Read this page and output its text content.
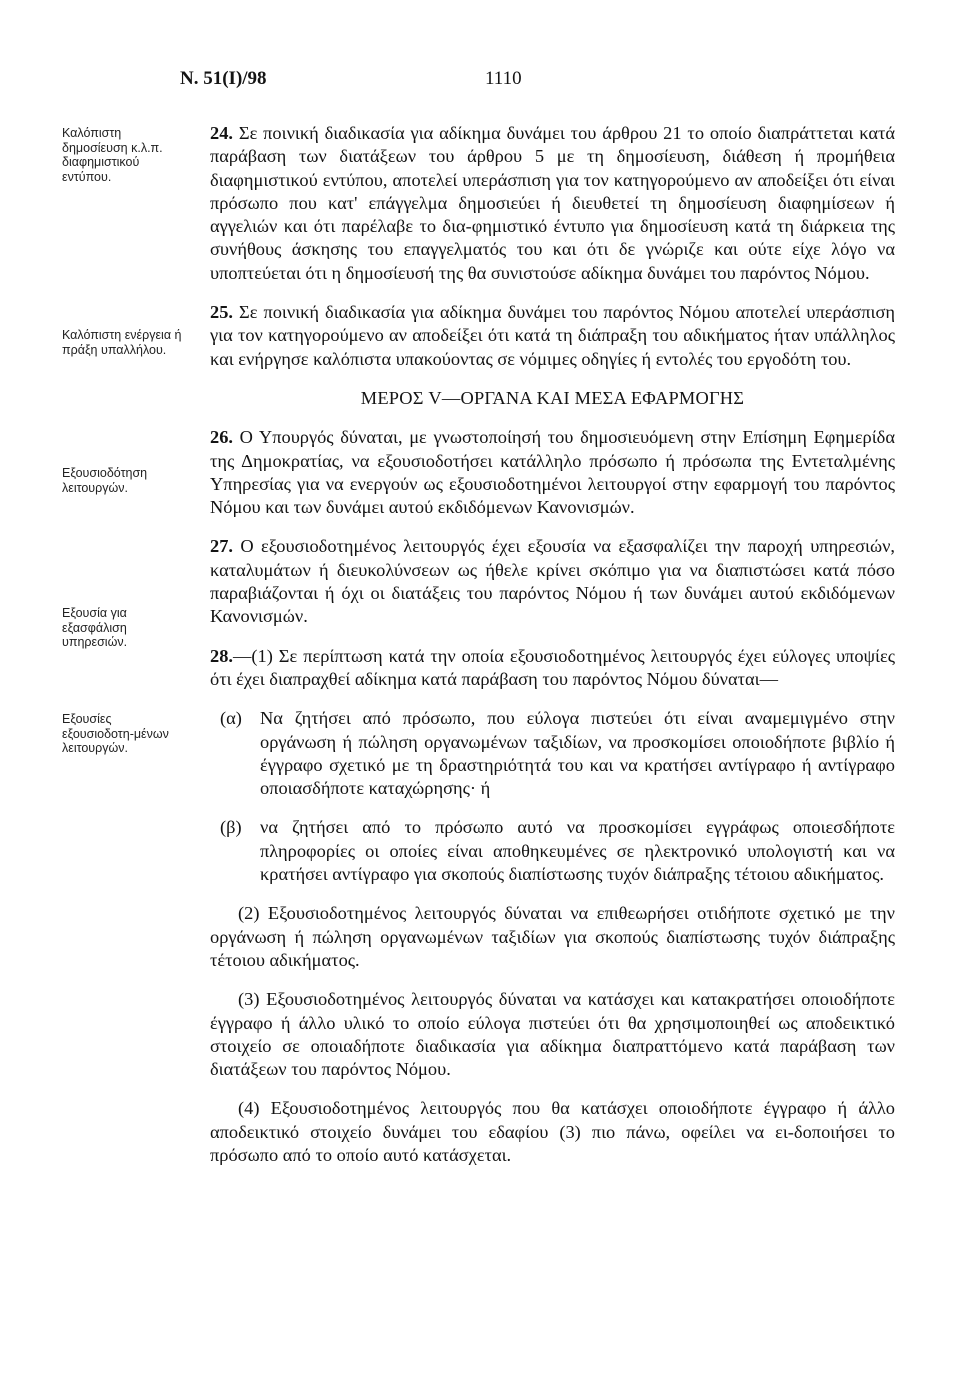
Ν. 51(I)/98	1110
Καλόπιστη δημοσίευση κ.λ.π. διαφημιστικού εντύπου.
Καλόπιστη ενέργεια ή πράξη υπαλλήλου.
Εξουσιοδότηση λειτουργών.
Εξουσία για εξασφάλιση υπηρεσιών.
Εξουσίες εξουσιοδοτη-μένων λειτουργών.

24. Σε ποινική διαδικασία για αδίκημα δυνάμει του άρθρου 21 το οποίο διαπράττεται κατά παράβαση των διατάξεων του άρθρου 5 με τη δημοσίευση, διάθεση ή προμήθεια διαφημιστικού εντύπου, αποτελεί υπεράσπιση για τον κατηγορούμενο αν αποδείξει ότι είναι πρόσωπο που κατ' επάγγελμα δημοσιεύει ή διευθετεί τη δημοσίευση διαφημίσεων ή αγγελιών και ότι παρέλαβε το δια-φημιστικό έντυπο για δημοσίευση κατά τη διάρκεια της συνήθους άσκησης του επαγγελματός του και ότι δε γνώριζε και ούτε είχε λόγο να υποπτεύεται ότι η δημοσίευσή της θα συνιστούσε αδίκημα δυνάμει του παρόντος Νόμου.

25. Σε ποινική διαδικασία για αδίκημα δυνάμει του παρόντος Νόμου αποτελεί υπεράσπιση για τον κατηγορούμενο αν αποδείξει ότι κατά τη διάπραξη του αδικήματος ήταν υπάλληλος και ενήργησε καλόπιστα υπακούοντας σε νόμιμες οδηγίες ή εντολές του εργοδότη του.

ΜΕΡΟΣ V—ΟΡΓΑΝΑ ΚΑΙ ΜΕΣΑ ΕΦΑΡΜΟΓΗΣ

26. Ο Υπουργός δύναται, με γνωστοποίησή του δημοσιευόμενη στην Επίσημη Εφημερίδα της Δημοκρατίας, να εξουσιοδοτήσει κατάλληλο πρόσωπο ή πρόσωπα της Εντεταλμένης Υπηρεσίας για να ενεργούν ως εξουσιοδοτημένοι λειτουργοί στην εφαρμογή του παρόντος Νόμου και των δυνάμει αυτού εκδιδόμενων Κανονισμών.

27. Ο εξουσιοδοτημένος λειτουργός έχει εξουσία να εξασφαλίζει την παροχή υπηρεσιών, καταλυμάτων ή διευκολύνσεων ως ήθελε κρίνει σκόπιμο για να διαπιστώσει κατά πόσο παραβιάζονται ή όχι οι διατάξεις του παρόντος Νόμου ή των δυνάμει αυτού εκδιδόμενων Κανονισμών.

28.—(1) Σε περίπτωση κατά την οποία εξουσιοδοτημένος λειτουργός έχει εύλογες υποψίες ότι έχει διαπραχθεί αδίκημα κατά παράβαση του παρόντος Νόμου δύναται—

(α) Να ζητήσει από πρόσωπο, που εύλογα πιστεύει ότι είναι αναμεμιγμένο στην οργάνωση ή πώληση οργανωμένων ταξιδίων, να προσκομίσει οποιοδήποτε βιβλίο ή έγγραφο σχετικό με τη δραστηριότητά του και να κρατήσει αντίγραφο ή αντίγραφο οποιασδήποτε καταχώρησης· ή

(β) να ζητήσει από το πρόσωπο αυτό να προσκομίσει εγγράφως οποιεσδήποτε πληροφορίες οι οποίες είναι αποθηκευμένες σε ηλεκτρονικό υπολογιστή και να κρατήσει αντίγραφο για σκοπούς διαπίστωσης τυχόν διάπραξης τέτοιου αδικήματος.

(2) Εξουσιοδοτημένος λειτουργός δύναται να επιθεωρήσει οτιδήποτε σχετικό με την οργάνωση ή πώληση οργανωμένων ταξιδίων για σκοπούς διαπίστωσης τυχόν διάπραξης τέτοιου αδικήματος.

(3) Εξουσιοδοτημένος λειτουργός δύναται να κατάσχει και κατακρατήσει οποιοδήποτε έγγραφο ή άλλο υλικό το οποίο εύλογα πιστεύει ότι θα χρησιμοποιηθεί ως αποδεικτικό στοιχείο σε οποιαδήποτε διαδικασία για αδίκημα διαπραττόμενο κατά παράβαση των διατάξεων του παρόντος Νόμου.

(4) Εξουσιοδοτημένος λειτουργός που θα κατάσχει οποιοδήποτε έγγραφο ή άλλο αποδεικτικό στοιχείο δυνάμει του εδαφίου (3) πιο πάνω, οφείλει να ει-δοποιήσει το πρόσωπο από το οποίο αυτό κατάσχεται.
